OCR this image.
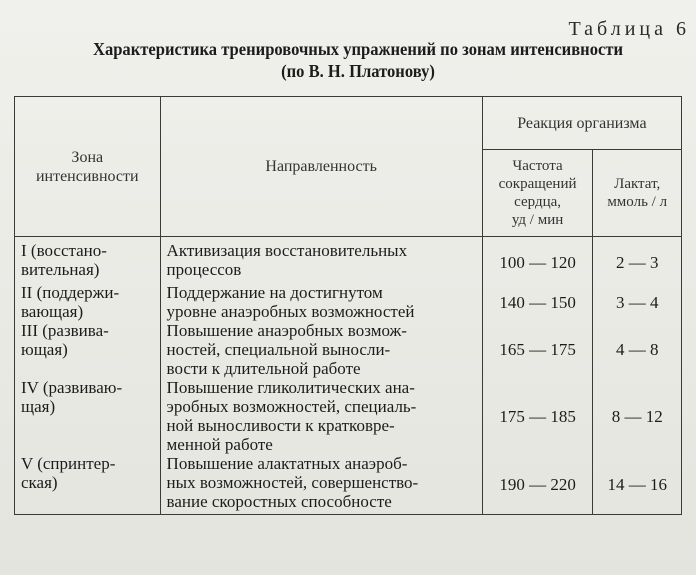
Таблица 6
Характеристика тренировочных упражнений по зонам интенсивности
(по В. Н. Платонову)
Зона
интенсивности	Направленность	Реакция организма	
		Частота
сокращений
сердца,
уд / мин	Лактат,
ммоль / л
I (восстанo-
вительная)	Активизация восстановительных
процессов	100 — 120	2 — 3
II (поддержи-
вающая)	Поддержание на достигнутом
уровне анаэробных возможностей	140 — 150	3 — 4
III (развива-
ющая)	Повышение анаэробных возмож-
ностей, специальной выносли-
вости к длительной работе	165 — 175	4 — 8
IV (развиваю-
щая)	Повышение гликолитических ана-
эробных возможностей, специаль-
ной выносливости к кратковре-
менной работе	175 — 185	8 — 12
V (спринтер-
ская)	Повышение алактатных анаэроб-
ных возможностей, совершенство-
вание скоростных способносте	190 — 220	14 — 16
